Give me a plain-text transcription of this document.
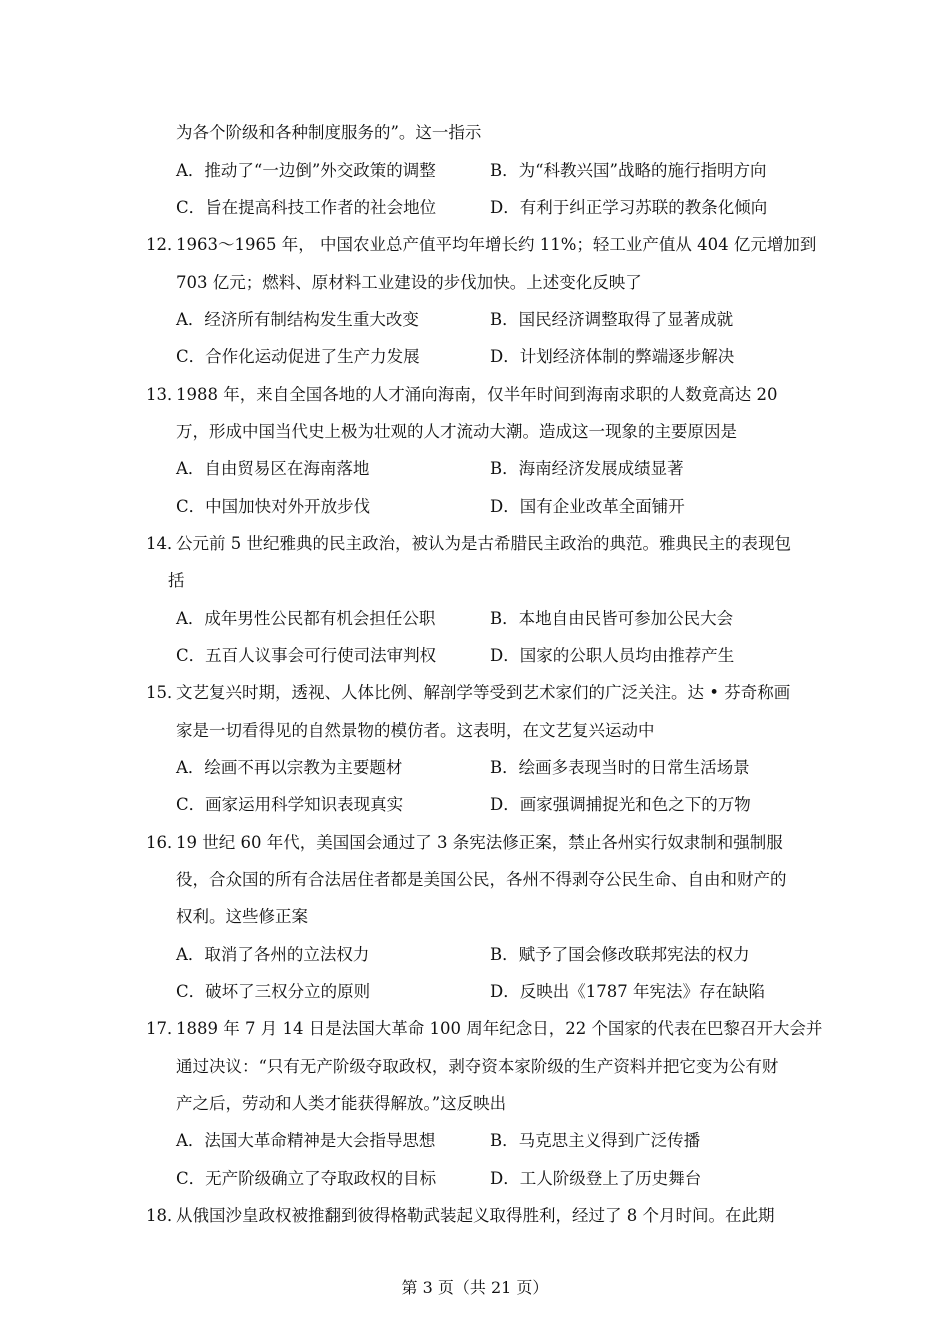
为各个阶级和各种制度服务的”。这一指示
A．推动了“一边倒”外交政策的调整	B．为“科教兴国”战略的施行指明方向
C．旨在提高科技工作者的社会地位	D．有利于纠正学习苏联的教条化倾向
12．
1963～1965 年， 中国农业总产值平均年增长约 11%；轻工业产值从 404 亿元增加到
703 亿元；燃料、原材料工业建设的步伐加快。上述变化反映了
A．经济所有制结构发生重大改变	B．国民经济调整取得了显著成就
C．合作化运动促进了生产力发展	D．计划经济体制的弊端逐步解决
13．
1988 年，来自全国各地的人才涌向海南，仅半年时间到海南求职的人数竟高达 20
万，形成中国当代史上极为壮观的人才流动大潮。造成这一现象的主要原因是
A．自由贸易区在海南落地	B．海南经济发展成绩显著
C．中国加快对外开放步伐	D．国有企业改革全面铺开
14．
公元前 5 世纪雅典的民主政治，被认为是古希腊民主政治的典范。雅典民主的表现包
括
A．成年男性公民都有机会担任公职	B．本地自由民皆可参加公民大会
C．五百人议事会可行使司法审判权	D．国家的公职人员均由推荐产生
15．
文艺复兴时期，透视、人体比例、解剖学等受到艺术家们的广泛关注。达 • 芬奇称画
家是一切看得见的自然景物的模仿者。这表明，在文艺复兴运动中
A．绘画不再以宗教为主要题材	B．绘画多表现当时的日常生活场景
C．画家运用科学知识表现真实	D．画家强调捕捉光和色之下的万物
16．
19 世纪 60 年代，美国国会通过了 3 条宪法修正案，禁止各州实行奴隶制和强制服
役，合众国的所有合法居住者都是美国公民，各州不得剥夺公民生命、自由和财产的
权利。这些修正案
A．取消了各州的立法权力	B．赋予了国会修改联邦宪法的权力
C．破坏了三权分立的原则	D．反映出《1787 年宪法》存在缺陷
17．
1889 年 7 月 14 日是法国大革命 100 周年纪念日，22 个国家的代表在巴黎召开大会并
通过决议：“只有无产阶级夺取政权，剥夺资本家阶级的生产资料并把它变为公有财
产之后，劳动和人类才能获得解放。”这反映出
A．法国大革命精神是大会指导思想	B．马克思主义得到广泛传播
C．无产阶级确立了夺取政权的目标	D．工人阶级登上了历史舞台
18．
从俄国沙皇政权被推翻到彼得格勒武装起义取得胜利，经过了 8 个月时间。在此期
第 3 页（共 21 页）
